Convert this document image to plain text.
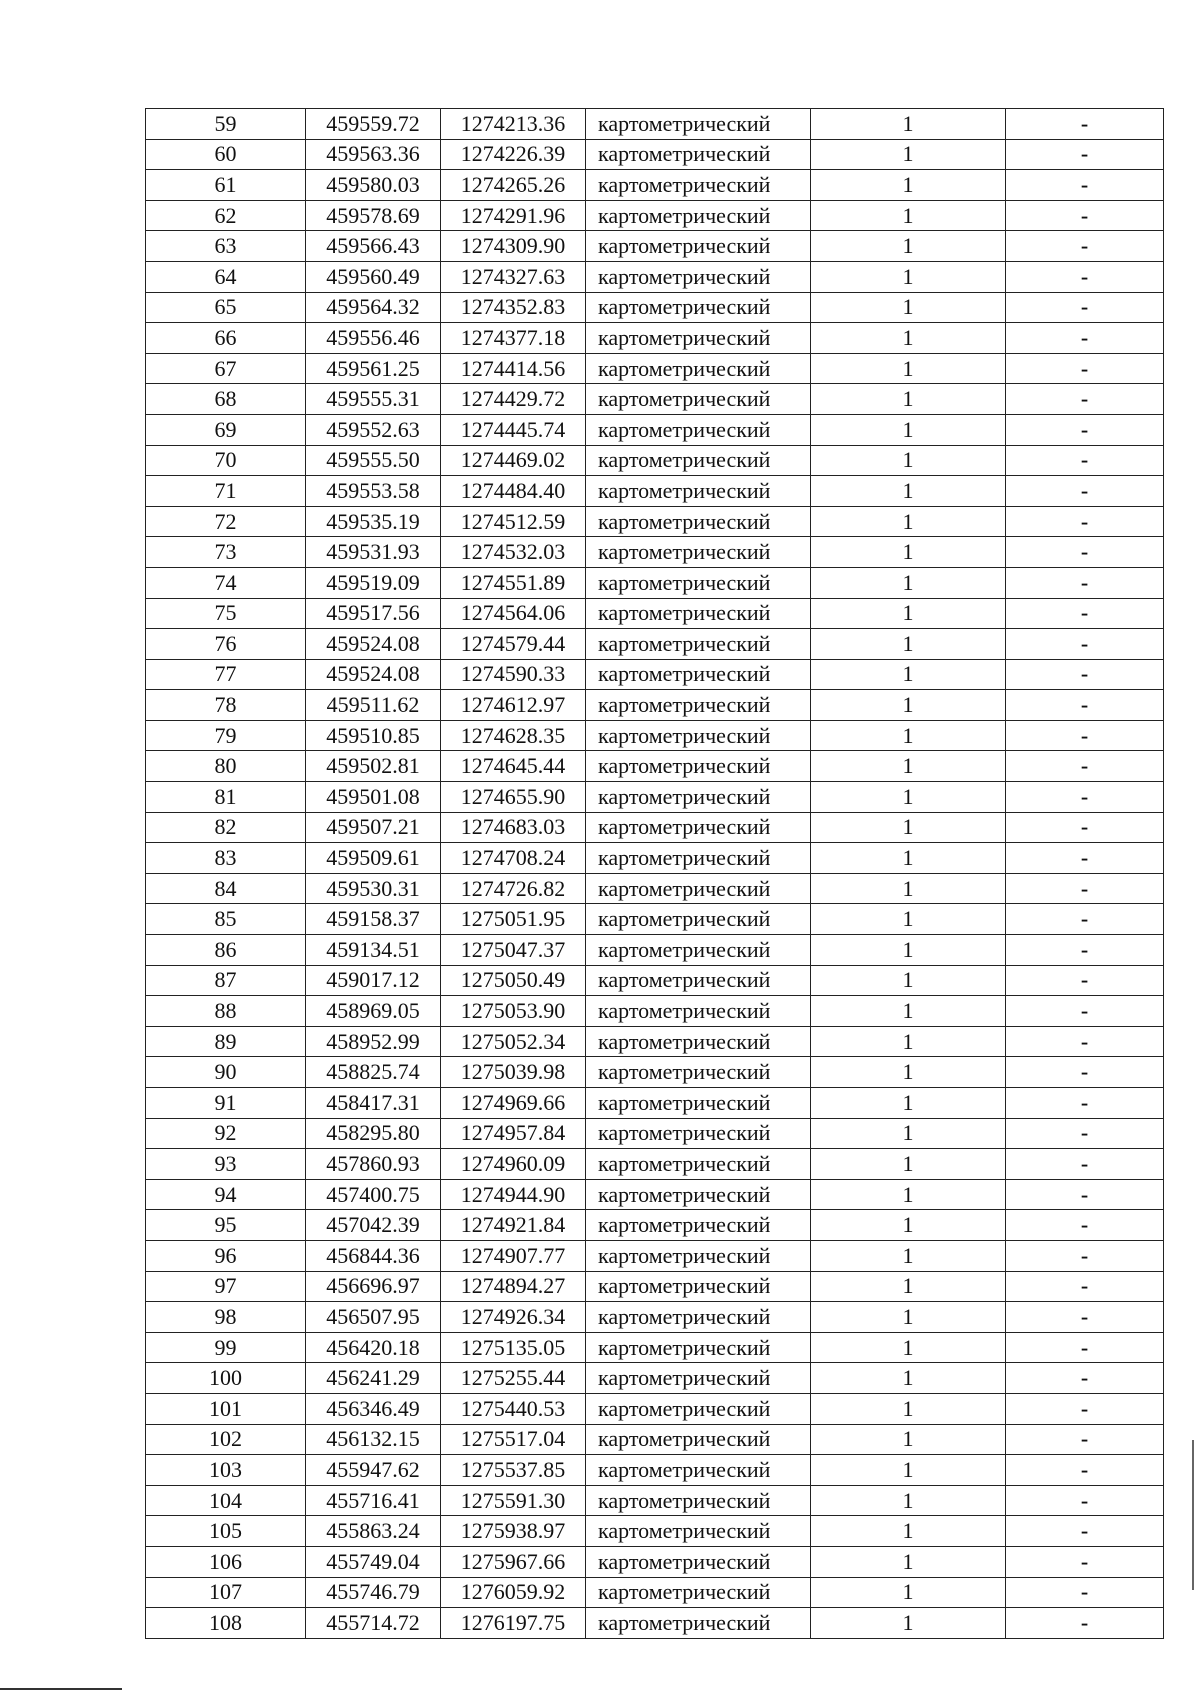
59	459559.72	1274213.36	картометрический	1	-
60	459563.36	1274226.39	картометрический	1	-
61	459580.03	1274265.26	картометрический	1	-
62	459578.69	1274291.96	картометрический	1	-
63	459566.43	1274309.90	картометрический	1	-
64	459560.49	1274327.63	картометрический	1	-
65	459564.32	1274352.83	картометрический	1	-
66	459556.46	1274377.18	картометрический	1	-
67	459561.25	1274414.56	картометрический	1	-
68	459555.31	1274429.72	картометрический	1	-
69	459552.63	1274445.74	картометрический	1	-
70	459555.50	1274469.02	картометрический	1	-
71	459553.58	1274484.40	картометрический	1	-
72	459535.19	1274512.59	картометрический	1	-
73	459531.93	1274532.03	картометрический	1	-
74	459519.09	1274551.89	картометрический	1	-
75	459517.56	1274564.06	картометрический	1	-
76	459524.08	1274579.44	картометрический	1	-
77	459524.08	1274590.33	картометрический	1	-
78	459511.62	1274612.97	картометрический	1	-
79	459510.85	1274628.35	картометрический	1	-
80	459502.81	1274645.44	картометрический	1	-
81	459501.08	1274655.90	картометрический	1	-
82	459507.21	1274683.03	картометрический	1	-
83	459509.61	1274708.24	картометрический	1	-
84	459530.31	1274726.82	картометрический	1	-
85	459158.37	1275051.95	картометрический	1	-
86	459134.51	1275047.37	картометрический	1	-
87	459017.12	1275050.49	картометрический	1	-
88	458969.05	1275053.90	картометрический	1	-
89	458952.99	1275052.34	картометрический	1	-
90	458825.74	1275039.98	картометрический	1	-
91	458417.31	1274969.66	картометрический	1	-
92	458295.80	1274957.84	картометрический	1	-
93	457860.93	1274960.09	картометрический	1	-
94	457400.75	1274944.90	картометрический	1	-
95	457042.39	1274921.84	картометрический	1	-
96	456844.36	1274907.77	картометрический	1	-
97	456696.97	1274894.27	картометрический	1	-
98	456507.95	1274926.34	картометрический	1	-
99	456420.18	1275135.05	картометрический	1	-
100	456241.29	1275255.44	картометрический	1	-
101	456346.49	1275440.53	картометрический	1	-
102	456132.15	1275517.04	картометрический	1	-
103	455947.62	1275537.85	картометрический	1	-
104	455716.41	1275591.30	картометрический	1	-
105	455863.24	1275938.97	картометрический	1	-
106	455749.04	1275967.66	картометрический	1	-
107	455746.79	1276059.92	картометрический	1	-
108	455714.72	1276197.75	картометрический	1	-
